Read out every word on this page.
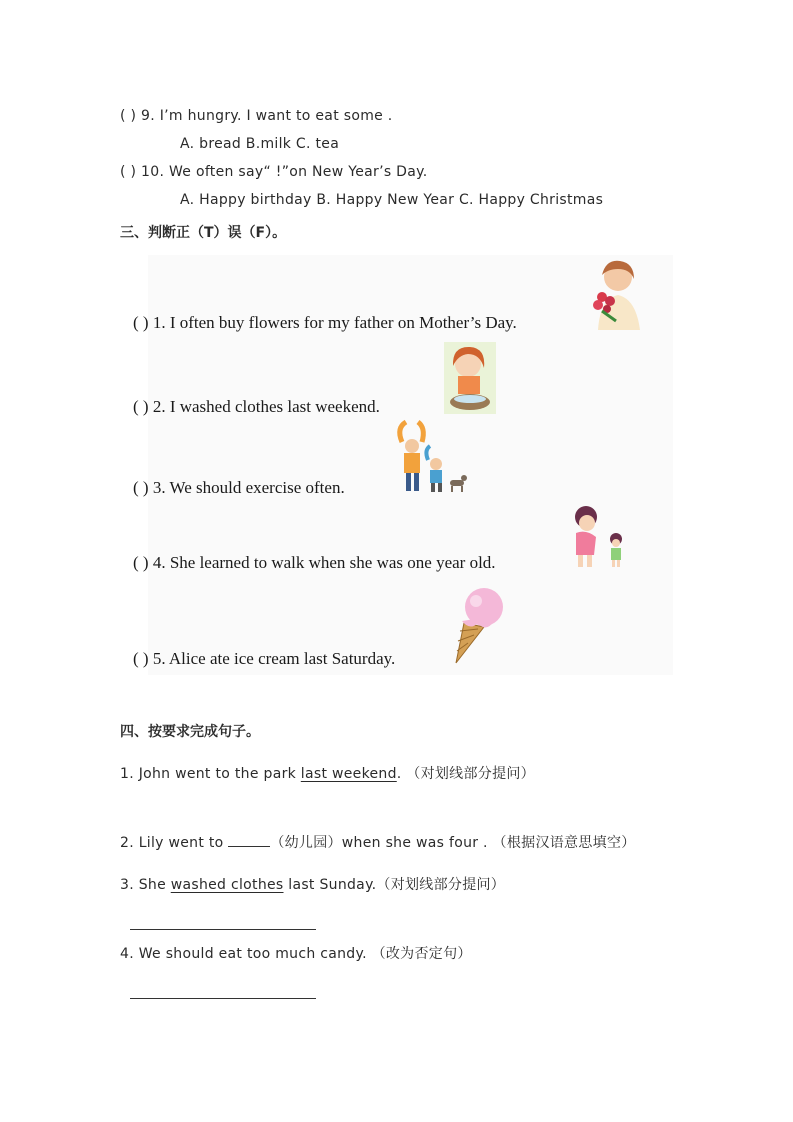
( ) 9. I’m hungry. I want to eat some .
A. bread B.milk C. tea
( ) 10. We often say“ !”on New Year’s Day.
A. Happy birthday B. Happy New Year C. Happy Christmas
三、判断正（T）误（F）。
( ) 1. I often buy flowers for my father on Mother’s Day.
( ) 2. I washed clothes last weekend.
( ) 3. We should exercise often.
( ) 4. She learned to walk when she was one year old.
( ) 5. Alice ate ice cream last Saturday.
四、按要求完成句子。
1. John went to the park last weekend. （对划线部分提问）
2. Lily went to	（幼儿园）when she was four . （根据汉语意思填空）
3. She washed clothes last Sunday.（对划线部分提问）
4. We should eat too much candy. （改为否定句）
